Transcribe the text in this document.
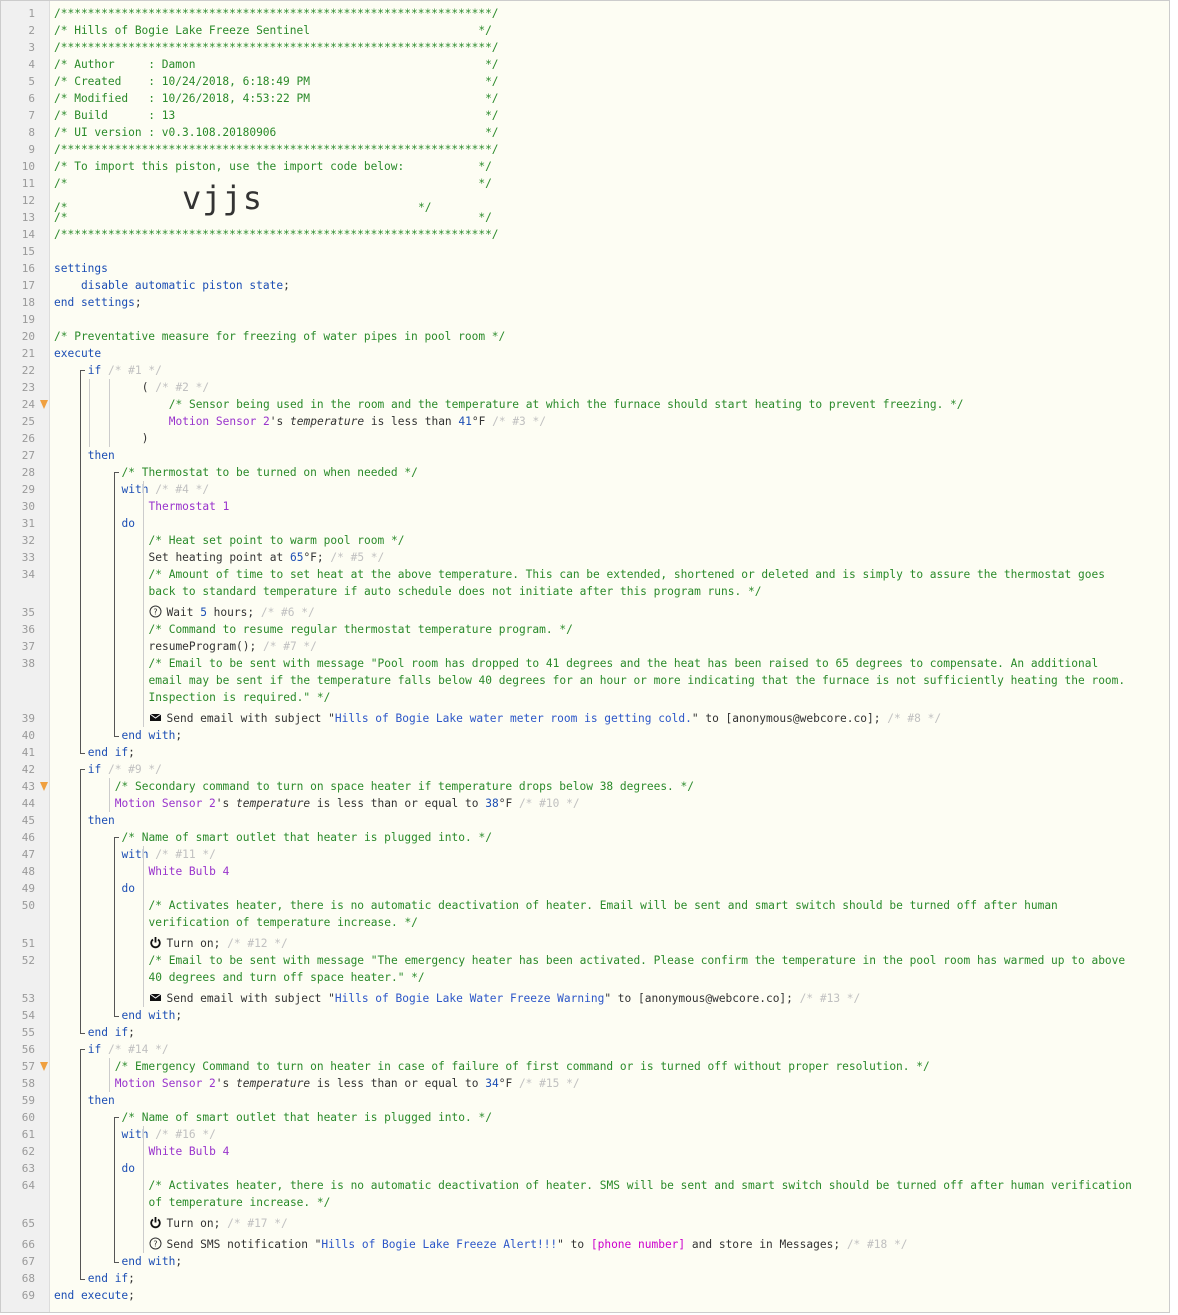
1 /****************************************************************/
2 /* Hills of Bogie Lake Freeze Sentinel                         */
3 /****************************************************************/
4 /* Author     : Damon                                           */
5 /* Created    : 10/24/2018, 6:18:49 PM                          */
6 /* Modified   : 10/26/2018, 4:53:22 PM                          */
7 /* Build      : 13                                              */
8 /* UI version : v0.3.108.20180906                               */
9 /****************************************************************/
10 /* To import this piston, use the import code below:           */
11 /*                                                             */
12
/*                 vjjs                       */
13 /*                                                             */
14 /****************************************************************/
15
16 settings
17	disable automatic piston state;
18 end settings;
19
20 /* Preventative measure for freezing of water pipes in pool room */
21 execute
22	if /* #1 */
23	( /* #2 */
24	/* Sensor being used in the room and the temperature at which the furnace should start heating to prevent freezing. */
25	Motion Sensor 2's temperature is less than 41°F /* #3 */
26	)
27	then
28	/* Thermostat to be turned on when needed */
29	with /* #4 */
30	Thermostat 1
31	do
32	/* Heat set point to warm pool room */
33	Set heating point at 65°F; /* #5 */
34	/* Amount of time to set heat at the above temperature. This can be extended, shortened or deleted and is simply to assure the thermostat goes back to standard temperature if auto schedule does not initiate after this program runs. */
35	? Wait 5 hours; /* #6 */
36	/* Command to resume regular thermostat temperature program. */
37	resumeProgram(); /* #7 */
38	/* Email to be sent with message "Pool room has dropped to 41 degrees and the heat has been raised to 65 degrees to compensate. An additional email may be sent if the temperature falls below 40 degrees for an hour or more indicating that the furnace is not sufficiently heating the room. Inspection is required." */
39	Send email with subject "Hills of Bogie Lake water meter room is getting cold." to [anonymous@webcore.co]; /* #8 */
40	end with;
41	end if;
42	if /* #9 */
43	/* Secondary command to turn on space heater if temperature drops below 38 degrees. */
44	Motion Sensor 2's temperature is less than or equal to 38°F /* #10 */
45	then
46	/* Name of smart outlet that heater is plugged into. */
47	with /* #11 */
48	White Bulb 4
49	do
50	/* Activates heater, there is no automatic deactivation of heater. Email will be sent and smart switch should be turned off after human verification of temperature increase. */
51	Turn on; /* #12 */
52	/* Email to be sent with message "The emergency heater has been activated. Please confirm the temperature in the pool room has warmed up to above 40 degrees and turn off space heater." */
53	Send email with subject "Hills of Bogie Lake Water Freeze Warning" to [anonymous@webcore.co]; /* #13 */
54	end with;
55	end if;
56	if /* #14 */
57	/* Emergency Command to turn on heater in case of failure of first command or is turned off without proper resolution. */
58	Motion Sensor 2's temperature is less than or equal to 34°F /* #15 */
59	then
60	/* Name of smart outlet that heater is plugged into. */
61	with /* #16 */
62	White Bulb 4
63	do
64	/* Activates heater, there is no automatic deactivation of heater. SMS will be sent and smart switch should be turned off after human verification of temperature increase. */
65	Turn on; /* #17 */
66	? Send SMS notification "Hills of Bogie Lake Freeze Alert!!!" to [phone number] and store in Messages; /* #18 */
67	end with;
68	end if;
69 end execute;
